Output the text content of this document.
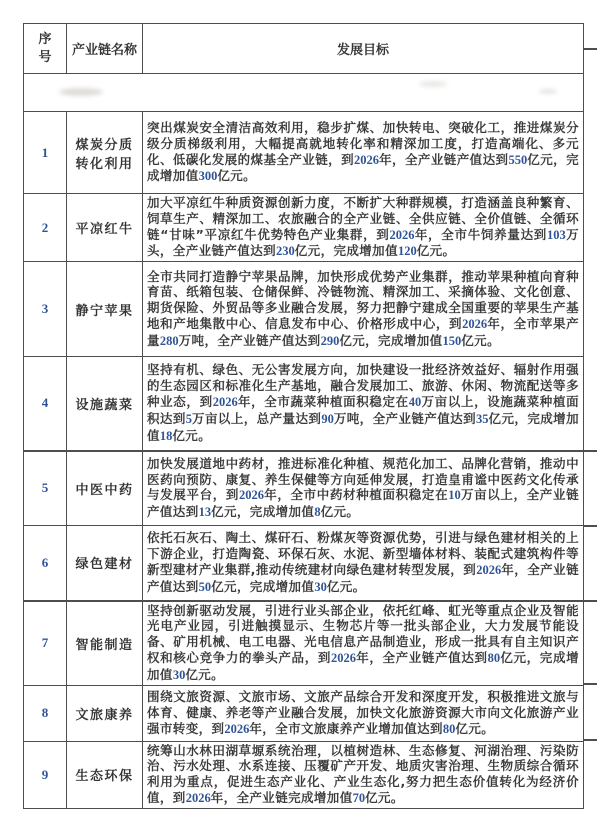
序号	产业链名称	发展目标

1	煤炭分质转化利用	突出煤炭安全清洁高效利用，稳步扩煤、加快转电、突破化工，推进煤炭分级分质梯级利用，大幅提高就地转化率和精深加工度，打造高端化、多元化、低碳化发展的煤基全产业链，到2026年，全产业链产值达到550亿元，完成增加值300亿元。
2	平凉红牛	加大平凉红牛种质资源创新力度，不断扩大种群规模，打造涵盖良种繁育、饲草生产、精深加工、农旅融合的全产业链、全供应链、全价值链、全循环链“甘味”平凉红牛优势特色产业集群，到2026年，全市牛饲养量达到103万头，全产业链产值达到230亿元，完成增加值120亿元。
3	静宁苹果	全市共同打造静宁苹果品牌，加快形成优势产业集群，推动苹果种植向育种育苗、纸箱包装、仓储保鲜、冷链物流、精深加工、采摘体验、文化创意、期货保险、外贸品等多业融合发展，努力把静宁建成全国重要的苹果生产基地和产地集散中心、信息发布中心、价格形成中心，到2026年，全市苹果产量280万吨，全产业链产值达到290亿元，完成增加值150亿元。
4	设施蔬菜	坚持有机、绿色、无公害发展方向，加快建设一批经济效益好、辐射作用强的生态园区和标准化生产基地，融合发展加工、旅游、休闲、物流配送等多种业态，到2026年，全市蔬菜种植面积稳定在40万亩以上，设施蔬菜种植面积达到5万亩以上，总产量达到90万吨，全产业链产值达到35亿元，完成增加值18亿元。
5	中医中药	加快发展道地中药材，推进标准化种植、规范化加工、品牌化营销，推动中医药向预防、康复、养生保健等方向延伸发展，打造皇甫谧中医药文化传承与发展平台，到2026年，全市中药材种植面积稳定在10万亩以上，全产业链产值达到13亿元，完成增加值8亿元。
6	绿色建材	依托石灰石、陶土、煤矸石、粉煤灰等资源优势，引进与绿色建材相关的上下游企业，打造陶瓷、环保石灰、水泥、新型墙体材料、装配式建筑构件等新型建材产业集群,推动传统建材向绿色建材转型发展，到2026年，全产业链产值达到50亿元，完成增加值30亿元。
7	智能制造	坚持创新驱动发展，引进行业头部企业，依托红峰、虹光等重点企业及智能光电产业园，引进触摸显示、生物芯片等一批头部企业，大力发展节能设备、矿用机械、电工电器、光电信息产品制造业，形成一批具有自主知识产权和核心竞争力的拳头产品，到2026年，全产业链产值达到80亿元，完成增加值30亿元。
8	文旅康养	围绕文旅资源、文旅市场、文旅产品综合开发和深度开发，积极推进文旅与体育、健康、养老等产业融合发展，加快文化旅游资源大市向文化旅游产业强市转变，到2026年，全市文旅康养产业增加值达到80亿元。
9	生态环保	统筹山水林田湖草塬系统治理，以植树造林、生态修复、河湖治理、污染防治、污水处理、水系连接、压覆矿产开发、地质灾害治理、生物质综合循环利用为重点，促进生态产业化、产业生态化,努力把生态价值转化为经济价值，到2026年，全产业链完成增加值70亿元。
